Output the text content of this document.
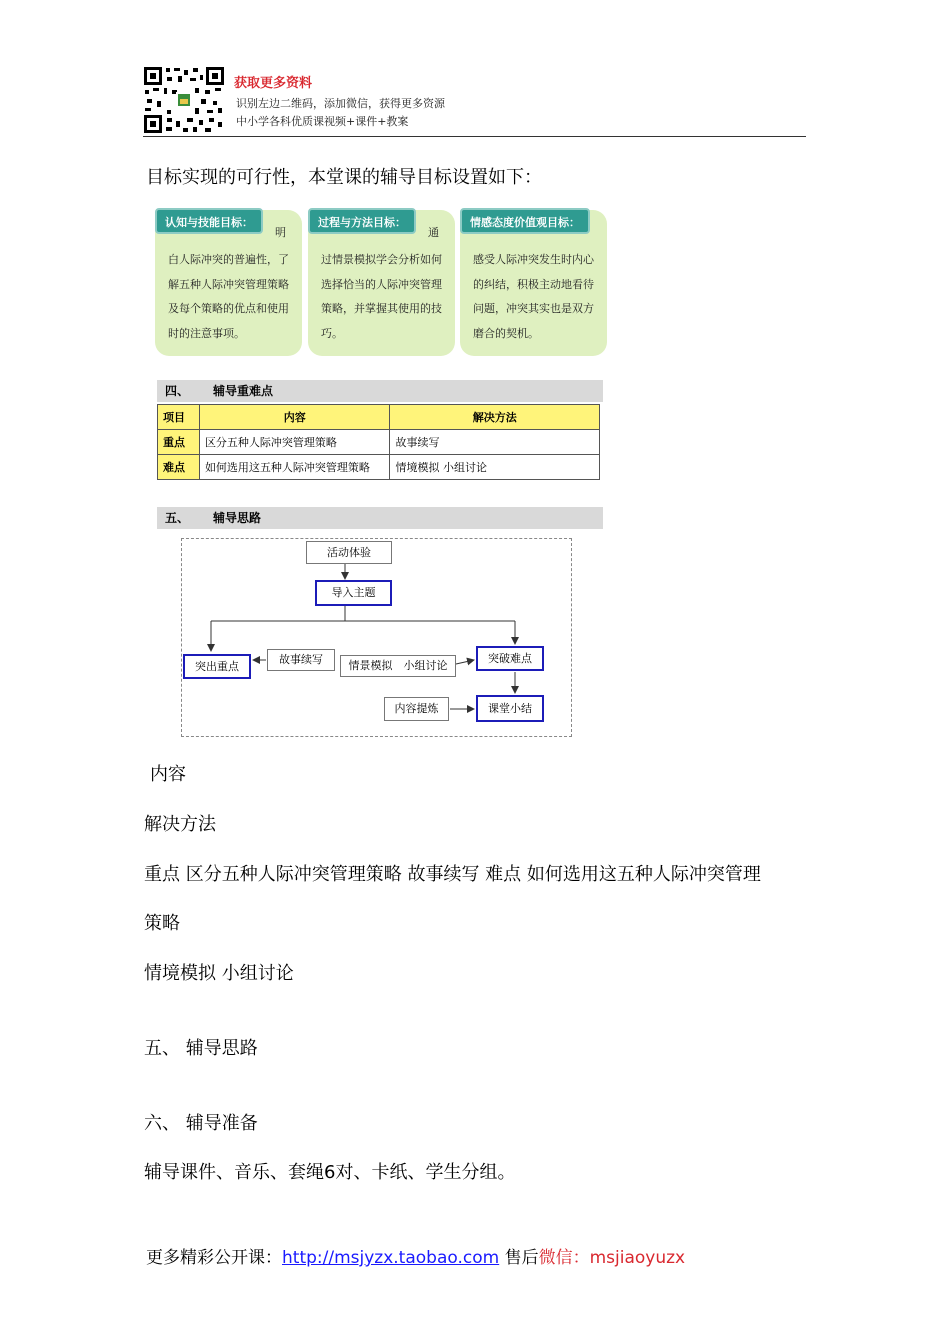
获取更多资料
识别左边二维码，添加微信，获得更多资源
中小学各科优质课视频+课件+教案
目标实现的可行性，本堂课的辅导目标设置如下：
认知与技能目标：
明
白人际冲突的普遍性，了解五种人际冲突管理策略及每个策略的优点和使用时的注意事项。
过程与方法目标：
通
过情景模拟学会分析如何选择恰当的人际冲突管理策略，并掌握其使用的技巧。
情感态度价值观目标：
感受人际冲突发生时内心的纠结，积极主动地看待问题，冲突其实也是双方磨合的契机。
四、 辅导重难点
项目	内容	解决方法
重点	区分五种人际冲突管理策略	故事续写
难点	如何选用这五种人际冲突管理策略	情境模拟 小组讨论
五、 辅导思路
活动体验
导入主题
故事续写	情景模拟　小组讨论
突出重点
突破难点
内容提炼	课堂小结
内容
解决方法
重点 区分五种人际冲突管理策略 故事续写 难点 如何选用这五种人际冲突管理
策略
情境模拟 小组讨论
五、 辅导思路
六、 辅导准备
辅导课件、音乐、套绳6对、卡纸、学生分组。
更多精彩公开课：http://msjyzx.taobao.com 售后微信：msjiaoyuzx
